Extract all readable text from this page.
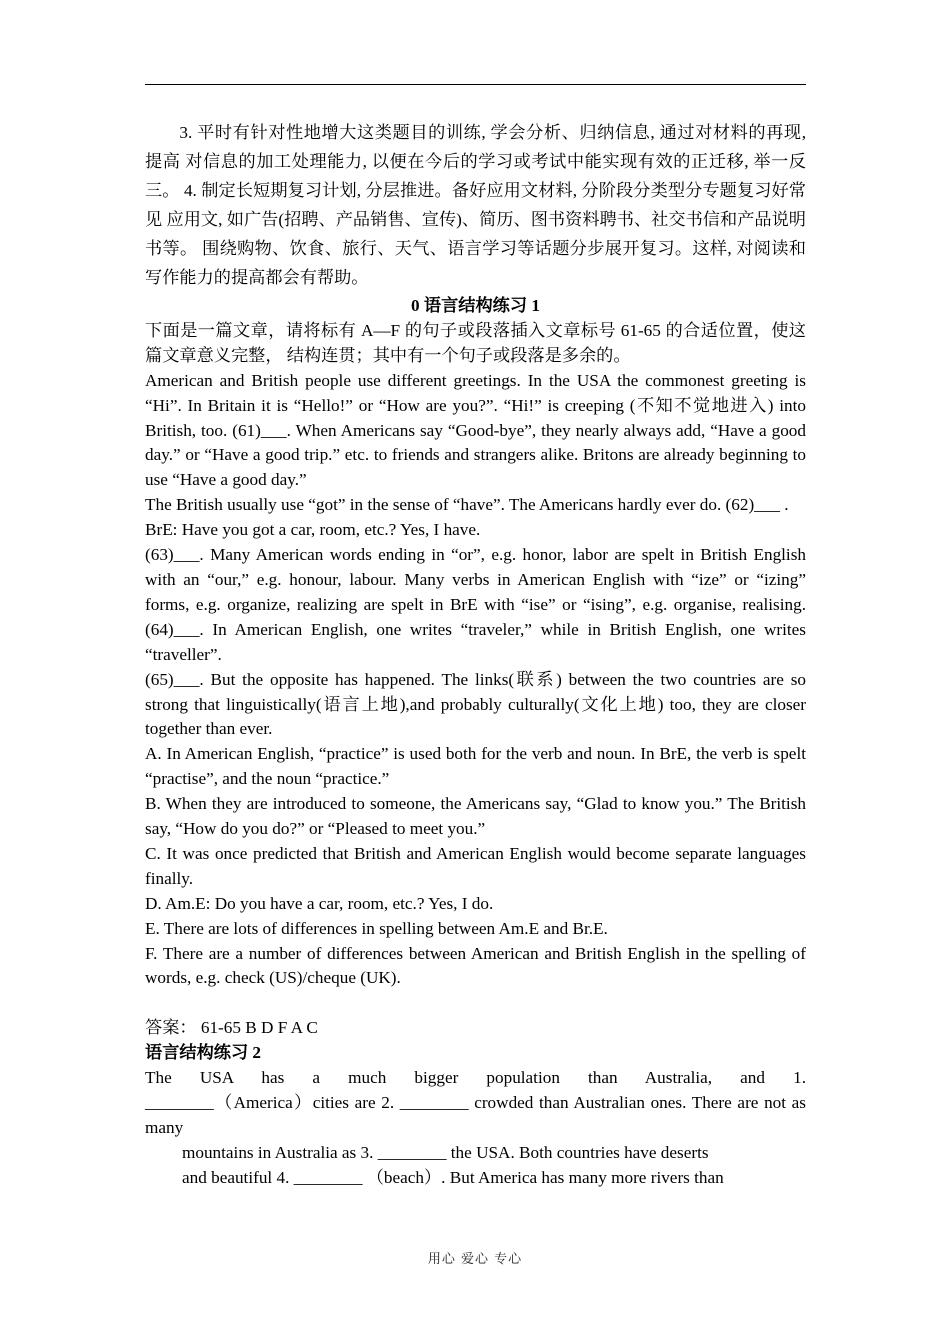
3. 平时有针对性地增大这类题目的训练, 学会分析、归纳信息, 通过对材料的再现, 提高 对信息的加工处理能力, 以便在今后的学习或考试中能实现有效的正迁移, 举一反三。 4. 制定长短期复习计划, 分层推进。备好应用文材料, 分阶段分类型分专题复习好常见 应用文, 如广告(招聘、产品销售、宣传)、简历、图书资料聘书、社交书信和产品说明书等。 围绕购物、饮食、旅行、天气、语言学习等话题分步展开复习。这样, 对阅读和写作能力的提高都会有帮助。

0 语言结构练习 1

下面是一篇文章，请将标有 A—F 的句子或段落插入文章标号 61-65 的合适位置，使这篇文章意义完整， 结构连贯；其中有一个句子或段落是多余的。

American and British people use different greetings. In the USA the commonest greeting is “Hi”. In Britain it is “Hello!” or “How are you?”. “Hi!” is creeping (不知不觉地进入) into British, too. (61)___. When Americans say “Good-bye”, they nearly always add, “Have a good day.” or “Have a good trip.” etc. to friends and strangers alike. Britons are already beginning to use “Have a good day.”

The British usually use “got” in the sense of “have”. The Americans hardly ever do. (62)___ .

BrE: Have you got a car, room, etc.? Yes, I have.

(63)___. Many American words ending in “or”, e.g. honor, labor are spelt in British English with an “our,” e.g. honour, labour. Many verbs in American English with “ize” or “izing” forms, e.g. organize, realizing are spelt in BrE with “ise” or “ising”, e.g. organise, realising. (64)___. In American English, one writes “traveler,” while in British English, one writes “traveller”.

(65)___. But the opposite has happened. The links(联系) between the two countries are so strong that linguistically(语言上地),and probably culturally(文化上地) too, they are closer together than ever.

A. In American English, “practice” is used both for the verb and noun. In BrE, the verb is spelt “practise”, and the noun “practice.”

B. When they are introduced to someone, the Americans say, “Glad to know you.” The British say, “How do you do?” or “Pleased to meet you.”

C. It was once predicted that British and American English would become separate languages finally.

D. Am.E: Do you have a car, room, etc.? Yes, I do.

E. There are lots of differences in spelling between Am.E and Br.E.

F. There are a number of differences between American and British English in the spelling of words, e.g. check (US)/cheque (UK).

答案： 61-65 B D F A C

语言结构练习 2

The USA has a much bigger population than Australia, and 1.

________（America）cities are 2. ________ crowded than Australian ones. There are not as many

mountains in Australia as 3. ________ the USA. Both countries have deserts

and beautiful 4. ________ （beach）. But America has many more rivers than

用心 爱心 专心
